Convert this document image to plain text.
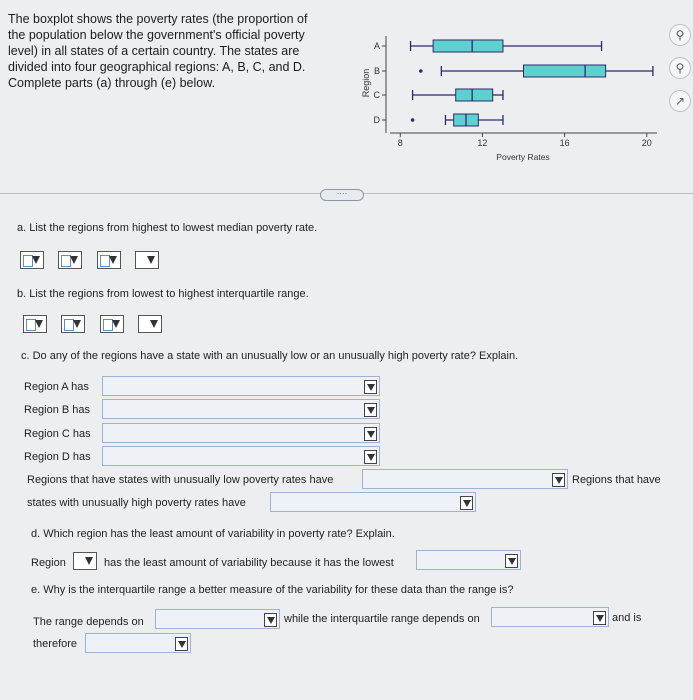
The boxplot shows the poverty rates (the proportion of the population below the government's official poverty level) in all states of a certain country. The states are divided into four geographical regions: A, B, C, and D. Complete parts (a) through (e) below.	Region
8	12	16	20
Poverty Rates
A
B
C
D
⚲
⚲
↗
····
a. List the regions from highest to lowest median poverty rate.
b. List the regions from lowest to highest interquartile range.
c. Do any of the regions have a state with an unusually low or an unusually high poverty rate? Explain.
Region A has
Region B has
Region C has
Region D has
Regions that have states with unusually low poverty rates have	Regions that have
states with unusually high poverty rates have
d. Which region has the least amount of variability in poverty rate? Explain.
Region	has the least amount of variability because it has the lowest
e. Why is the interquartile range a better measure of the variability for these data than the range is?
The range depends on	while the interquartile range depends on	and is
therefore
